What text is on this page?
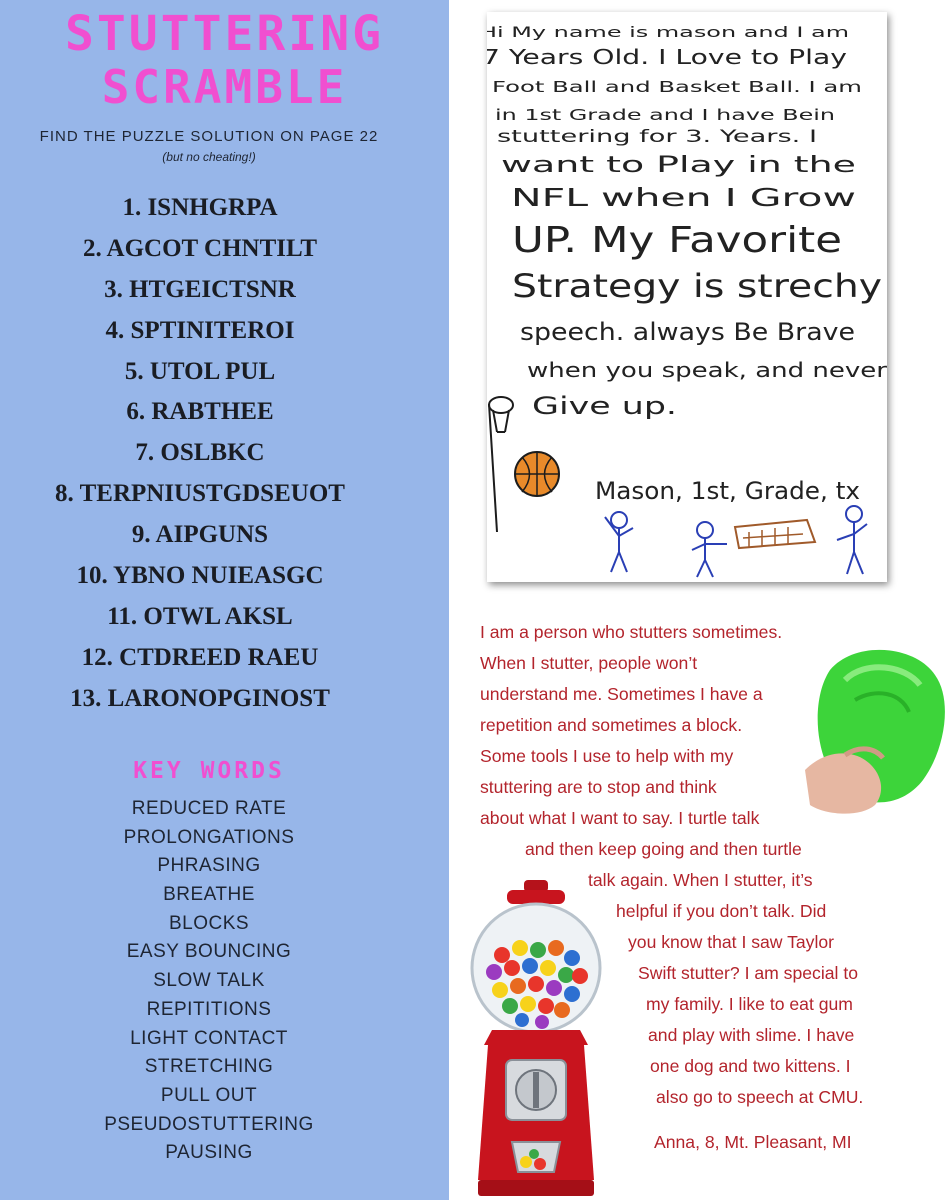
STUTTERING
SCRAMBLE
FIND THE PUZZLE SOLUTION ON PAGE 22
(but no cheating!)
1. ISNHGRPA
2. AGCOT CHNTILT
3. HTGEICTSNR
4. SPTINITEROI
5. UTOL PUL
6. RABTHEE
7. OSLBKC
8. TERPNIUSTGDSEUOT
9. AIPGUNS
10. YBNO NUIEASGC
11. OTWL AKSL
12. CTDREED RAEU
13. LARONOPGINOST
KEY WORDS
REDUCED RATE
PROLONGATIONS
PHRASING
BREATHE
BLOCKS
EASY BOUNCING
SLOW TALK
REPITITIONS
LIGHT CONTACT
STRETCHING
PULL OUT
PSEUDOSTUTTERING
PAUSING
Hi My name is mason and I am
7 Years Old. I Love to Play
Foot Ball and Basket Ball. I am
in 1st Grade and I have Bein
stuttering for 3. Years. I
want to Play in the
NFL when I Grow
UP. My Favorite
Strategy is strechy
speech. always Be Brave
when you speak, and never
Give up.
Mason, 1st, Grade, tx
I am a person who stutters sometimes.
When I stutter, people won’t
understand me. Sometimes I have a
repetition and sometimes a block.
Some tools I use to help with my
stuttering are to stop and think
about what I want to say. I turtle talk
and then keep going and then turtle
talk again. When I stutter, it’s
helpful if you don’t talk. Did
you know that I saw Taylor
Swift stutter? I am special to
my family. I like to eat gum
and play with slime. I have
one dog and two kittens. I
also go to speech at CMU.
Anna, 8, Mt. Pleasant, MI
